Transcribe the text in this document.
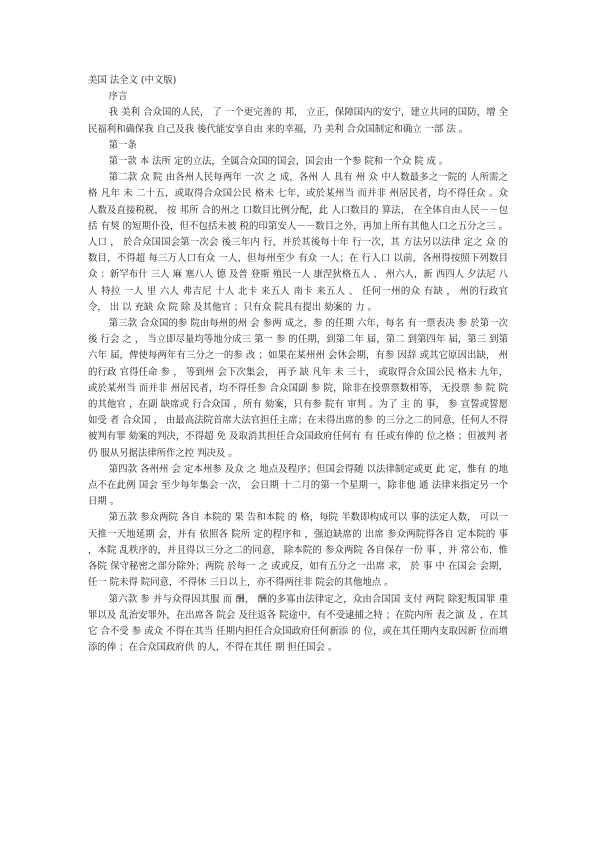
美国 法全文 (中文版)

序言

我 美利 合众国的人民， 了 一个更完善的 邦， 立正，保障国内的安宁，建立共同的国防，增 全民福利和确保我 自己及我 後代能安享自由 来的幸福，乃 美利 合众国制定和确立 一部 法 。

第一条

第一款 本 法所 定的立法，全属合众国的国会，国会由一个参 院和一个众 院 成 。

第二款 众 院 由各州人民每两年 一次 之 成，各州 人 具有 州 众 中人数最多之一院的 人所需之 格 凡年 未 二十五，或取得合众国公民 格未 七年，或於某州当 而并非 州居民者，均不得任众 。众 人数及直接税税， 按 邦所 合的州之 口数目比例分配，此 人口数目的 算法， 在全体自由人民－－包括 有契 的短期仆役，但不包括未被 税的印第安人－－数目之外，再加上所有其他人口之五分之三 。人口 ， 於合众国国会第一次会 後三年内 行，并於其後每十年 行一次，其 方法另以法律 定之 众 的 数目，不得超 每三万人口有众 一人，但每州至少 有众 一人；在 行人口 以前，各州得按照下列数目 众 ：新罕布什 三人 麻 塞八人 德 及普 登斯 殖民一人 康涅狄格五人 、 州六人，新 西四人 夕法尼 八人 特拉 一人 里 六人 弗吉尼 十人 北卡 来五人 南卡 来五人 、 任何一州的众 有缺 ， 州的行政官 令， 出 以 充缺 众 院 除 及其他官 ；只有众 院具有提出 劾案的 力 。

第三款 合众国的参 院由每州的州 会 参两 成之，参 的任期 六年，每名 有一票表决 参 於第一次 後 行会 之 ， 当立即尽量均等地分成三 第一 参 的任期，到第二年 届，第二 到第四年 届，第三 到第六年 届，俾使每两年有三分之一的参 改 ；如果在某州州 会休会期，有参 因辞 或其它原因出缺， 州的行政 官得任命 参 ， 等到州 会下次集会， 再予 缺 凡年 未 三十， 或取得合众国公民 格未 九年，或於某州当 而并非 州居民者，均不得任参 合众国副 参 院，除非在投票票数相等， 无投票 参 院 院的其他官 ，在副 缺席或 行合众国 ，所有 劾案，只有参 院有 审判 。为了 主 的 事， 参 宣誓或誓愿 如受 者 合众国 ， 由最高法院首席大法官担任主席；在未得出席的参 的三分之二的同意，任何人不得被判有罪 劾案的判决，不得超 免 及取消其担任合众国政府任何有 有 任或有俸的 位之格 ；但被判 者仍 服从另据法律所作之控 判决及 。

第四款 各州州 会 定本州参 及众 之 地点及程序；但国会得随 以法律制定或更 此 定，惟有 的地点不在此例 国会 至少每年集会一次， 会日期 十二月的第一个星期一，除非他 通 法律来指定另一个日期 。

第五款 参众两院 各自 本院的 果 告和本院 的 格，每院 半数即构成可以 事的法定人数， 可以一天推一天地延期 会，并有 依照各 院所 定的程序和 ，强迫缺席的 出席 参众两院得各自 定本院的 事 ，本院 乱秩序的，并且得以三分之二的同意， 除本院的 参众两院 各自保存一份 事 ，并 常公布，惟各院 保守秘密之部分除外；两院 於每一 之 或或反，如有五分之一出席 求， 於 事 中 在国会 会期，任一 院未得 院同意，不得休 三日以上，亦不得两往非 院会的其他地点 。

第六款 参 并与众得因其服 而 酬， 酬的多寡由法律定之，众由合国国 支付 两院 除犯叛国罪 重罪以及 乱治安罪外，在出席各 院会 及往返各 院途中，有不受逮捕之特 ；在院内所 表之演 及 ，在其它 合不受 参 或众 不得在其当 任期内担任合众国政府任何新添 的 位，或在其任期内支取因新 位而增添的俸 ；在合众国政府供 的人，不得在其任 期 担任国会 。
